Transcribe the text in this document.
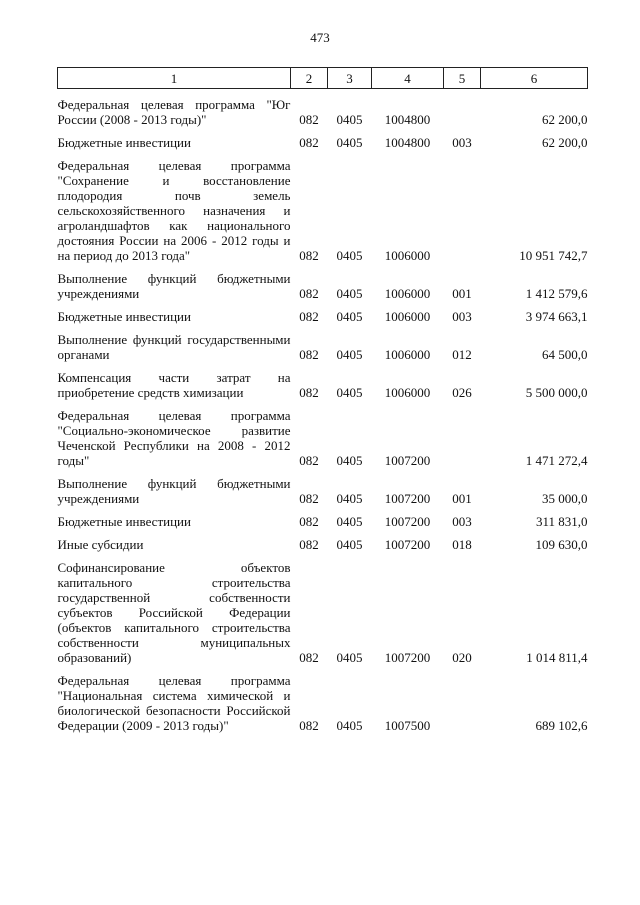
473
1	2	3	4	5	6

Федеральная целевая программа "Юг России (2008 - 2013 годы)"	082	0405	1004800		62 200,0

Бюджетные инвестиции	082	0405	1004800	003	62 200,0

Федеральная целевая программа "Сохранение и восстановление плодородия почв земель сельскохозяйственного назначения и агроландшафтов как национального достояния России на 2006 - 2012 годы и на период до 2013 года"	082	0405	1006000		10 951 742,7

Выполнение функций бюджетными учреждениями	082	0405	1006000	001	1 412 579,6

Бюджетные инвестиции	082	0405	1006000	003	3 974 663,1

Выполнение функций государственными органами	082	0405	1006000	012	64 500,0

Компенсация части затрат на приобретение средств химизации	082	0405	1006000	026	5 500 000,0

Федеральная целевая программа "Социально-экономическое развитие Чеченской Республики на 2008 - 2012 годы"	082	0405	1007200		1 471 272,4

Выполнение функций бюджетными учреждениями	082	0405	1007200	001	35 000,0

Бюджетные инвестиции	082	0405	1007200	003	311 831,0

Иные субсидии	082	0405	1007200	018	109 630,0

Софинансирование объектов капитального строительства государственной собственности субъектов Российской Федерации (объектов капитального строительства собственности муниципальных образований)	082	0405	1007200	020	1 014 811,4

Федеральная целевая программа "Национальная система химической и биологической безопасности Российской Федерации (2009 - 2013 годы)"	082	0405	1007500		689 102,6
